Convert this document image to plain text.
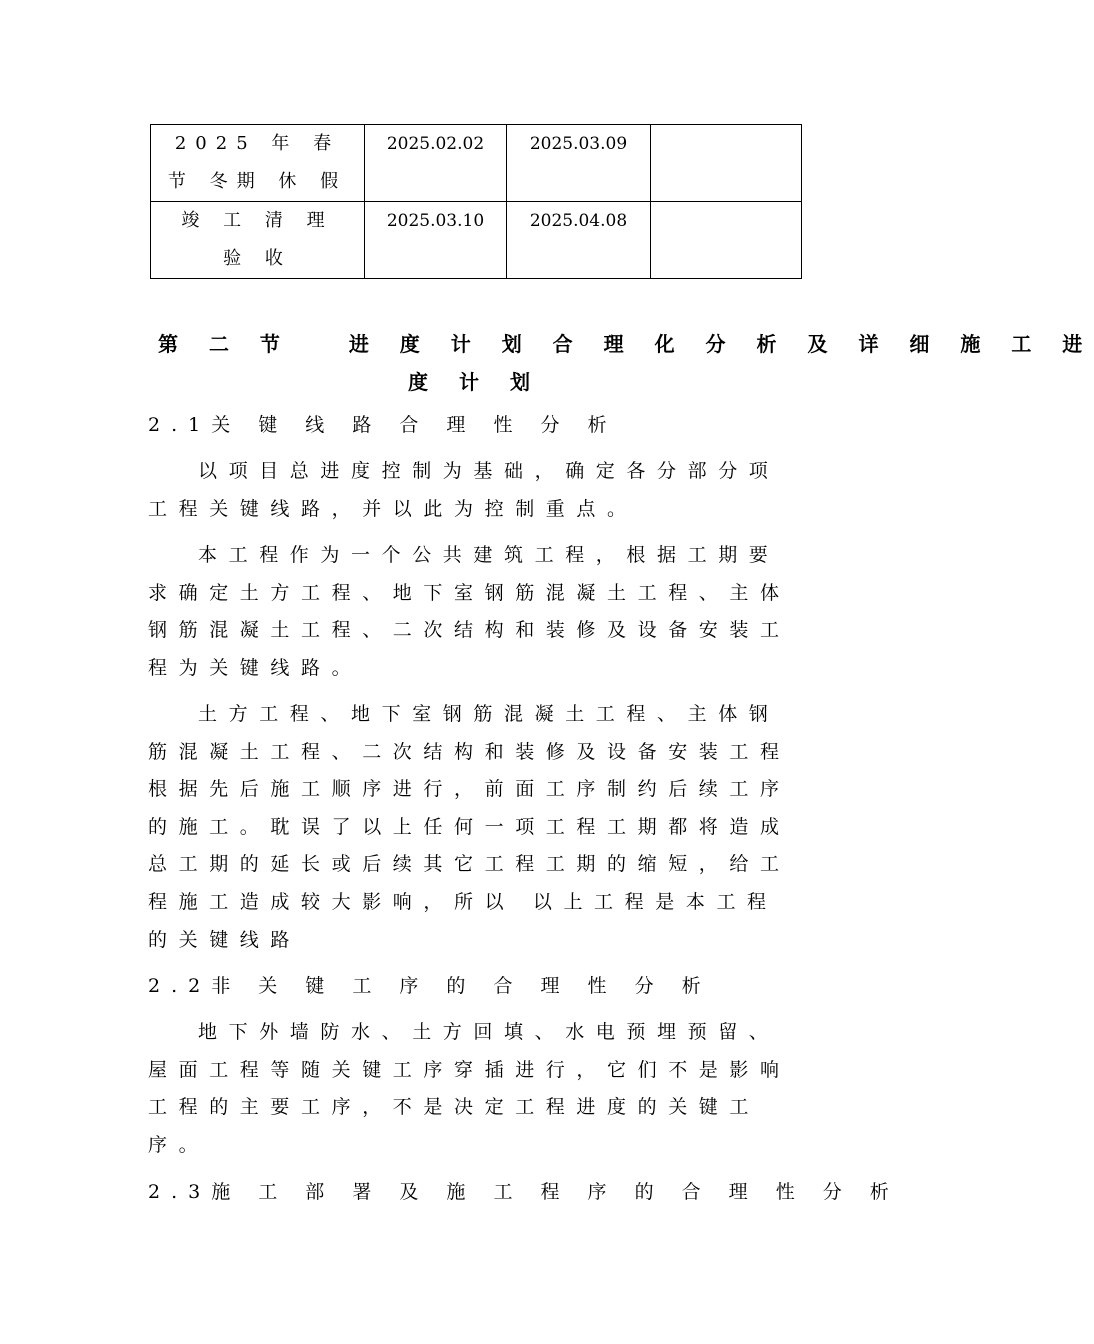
2025 年 春 节 冬期 休 假	2025.02.02	2025.03.09	
竣 工 清 理 验 收	2025.03.10	2025.04.08	
第 二 节   进 度 计 划 合 理 化 分 析 及 详 细 施 工 进
度 计 划
2.1关 键 线 路 合 理 性 分 析
以项目总进度控制为基础，确定各分部分项工程关键线路，并以此为控制重点。
本工程作为一个公共建筑工程，根据工期要求确定土方工程、地下室钢筋混凝土工程、主体钢筋混凝土工程、二次结构和装修及设备安装工程为关键线路。
土方工程、地下室钢筋混凝土工程、主体钢筋混凝土工程、二次结构和装修及设备安装工程根据先后施工顺序进行，前面工序制约后续工序的施工。耽误了以上任何一项工程工期都将造成总工期的延长或后续其它工程工期的缩短，给工程施工造成较大影响，所以 以上工程是本工程的关键线路
2.2非 关 键 工 序 的 合 理 性 分 析
地下外墙防水、土方回填、水电预埋预留、屋面工程等随关键工序穿插进行，它们不是影响工程的主要工序，不是决定工程进度的关键工序。
2.3施 工 部 署 及 施 工 程 序 的 合 理 性 分 析
